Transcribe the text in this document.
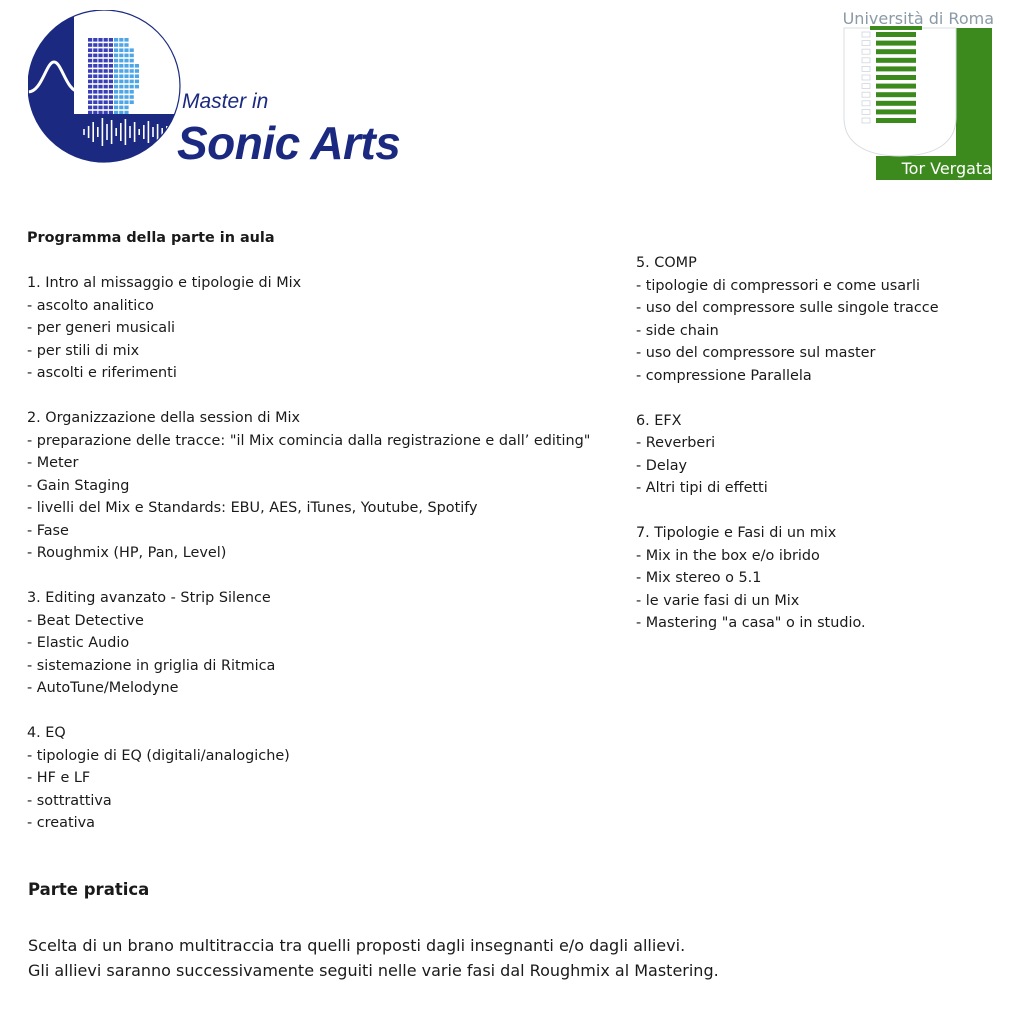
Master in
Sonic Arts
Università di Roma
Tor Vergata
Programma della parte in aula
1. Intro al missaggio e tipologie di Mix
- ascolto analitico
- per generi musicali
- per stili di mix
- ascolti e riferimenti
2. Organizzazione della session di Mix
- preparazione delle tracce: "il Mix comincia dalla registrazione e dall’ editing"
- Meter
- Gain Staging
- livelli del Mix e Standards: EBU, AES, iTunes, Youtube, Spotify
- Fase
- Roughmix (HP, Pan, Level)
3. Editing avanzato - Strip Silence
- Beat Detective
- Elastic Audio
- sistemazione in griglia di Ritmica
- AutoTune/Melodyne
4. EQ
- tipologie di EQ (digitali/analogiche)
- HF e LF
- sottrattiva
- creativa
5. COMP
- tipologie di compressori e come usarli
- uso del compressore sulle singole tracce
- side chain
- uso del compressore sul master
- compressione Parallela
6. EFX
- Reverberi
- Delay
- Altri tipi di effetti
7. Tipologie e Fasi di un mix
- Mix in the box e/o ibrido
- Mix stereo o 5.1
- le varie fasi di un Mix
- Mastering "a casa" o in studio.
Parte pratica
Scelta di un brano multitraccia tra quelli proposti dagli insegnanti e/o dagli allievi.
Gli allievi saranno successivamente seguiti nelle varie fasi dal Roughmix al Mastering.
